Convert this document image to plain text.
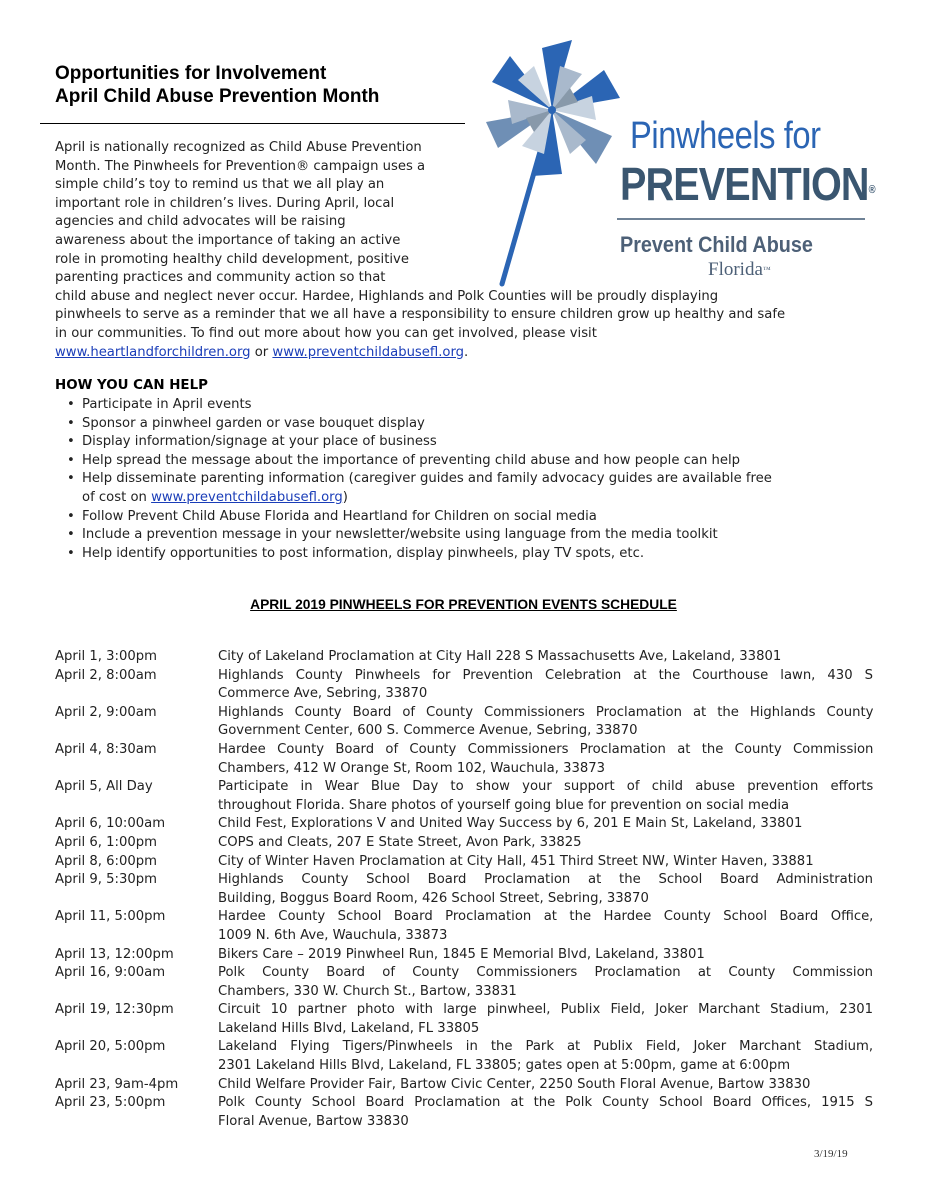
Opportunities for Involvement
April Child Abuse Prevention Month
Pinwheels for
PREVENTION®
Prevent Child Abuse
Florida™
April is nationally recognized as Child Abuse Prevention
Month. The Pinwheels for Prevention® campaign uses a
simple child’s toy to remind us that we all play an
important role in children’s lives. During April, local
agencies and child advocates will be raising
awareness about the importance of taking an active
role in promoting healthy child development, positive
parenting practices and community action so that
child abuse and neglect never occur. Hardee, Highlands and Polk Counties will be proudly displaying
pinwheels to serve as a reminder that we all have a responsibility to ensure children grow up healthy and safe
in our communities. To find out more about how you can get involved, please visit
www.heartlandforchildren.org or www.preventchildabusefl.org.
HOW YOU CAN HELP
• Participate in April events
• Sponsor a pinwheel garden or vase bouquet display
• Display information/signage at your place of business
• Help spread the message about the importance of preventing child abuse and how people can help
• Help disseminate parenting information (caregiver guides and family advocacy guides are available free
of cost on www.preventchildabusefl.org)
• Follow Prevent Child Abuse Florida and Heartland for Children on social media
• Include a prevention message in your newsletter/website using language from the media toolkit
• Help identify opportunities to post information, display pinwheels, play TV spots, etc.
APRIL 2019 PINWHEELS FOR PREVENTION EVENTS SCHEDULE
April 1, 3:00pm	City of Lakeland Proclamation at City Hall 228 S Massachusetts Ave, Lakeland, 33801
April 2, 8:00am	Highlands County Pinwheels for Prevention Celebration at the Courthouse lawn, 430 S
Commerce Ave, Sebring, 33870
April 2, 9:00am	Highlands County Board of County Commissioners Proclamation at the Highlands County
Government Center, 600 S. Commerce Avenue, Sebring, 33870
April 4, 8:30am	Hardee County Board of County Commissioners Proclamation at the County Commission
Chambers, 412 W Orange St, Room 102, Wauchula, 33873
April 5, All Day	Participate in Wear Blue Day to show your support of child abuse prevention efforts
throughout Florida. Share photos of yourself going blue for prevention on social media
April 6, 10:00am	Child Fest, Explorations V and United Way Success by 6, 201 E Main St, Lakeland, 33801
April 6, 1:00pm	COPS and Cleats, 207 E State Street, Avon Park, 33825
April 8, 6:00pm	City of Winter Haven Proclamation at City Hall, 451 Third Street NW, Winter Haven, 33881
April 9, 5:30pm	Highlands County School Board Proclamation at the School Board Administration
Building, Boggus Board Room, 426 School Street, Sebring, 33870
April 11, 5:00pm	Hardee County School Board Proclamation at the Hardee County School Board Office,
1009 N. 6th Ave, Wauchula, 33873
April 13, 12:00pm	Bikers Care – 2019 Pinwheel Run, 1845 E Memorial Blvd, Lakeland, 33801
April 16, 9:00am	Polk County Board of County Commissioners Proclamation at County Commission
Chambers, 330 W. Church St., Bartow, 33831
April 19, 12:30pm	Circuit 10 partner photo with large pinwheel, Publix Field, Joker Marchant Stadium, 2301
Lakeland Hills Blvd, Lakeland, FL 33805
April 20, 5:00pm	Lakeland Flying Tigers/Pinwheels in the Park at Publix Field, Joker Marchant Stadium,
2301 Lakeland Hills Blvd, Lakeland, FL 33805; gates open at 5:00pm, game at 6:00pm
April 23, 9am-4pm	Child Welfare Provider Fair, Bartow Civic Center, 2250 South Floral Avenue, Bartow 33830
April 23, 5:00pm	Polk County School Board Proclamation at the Polk County School Board Offices, 1915 S
Floral Avenue, Bartow 33830
3/19/19
